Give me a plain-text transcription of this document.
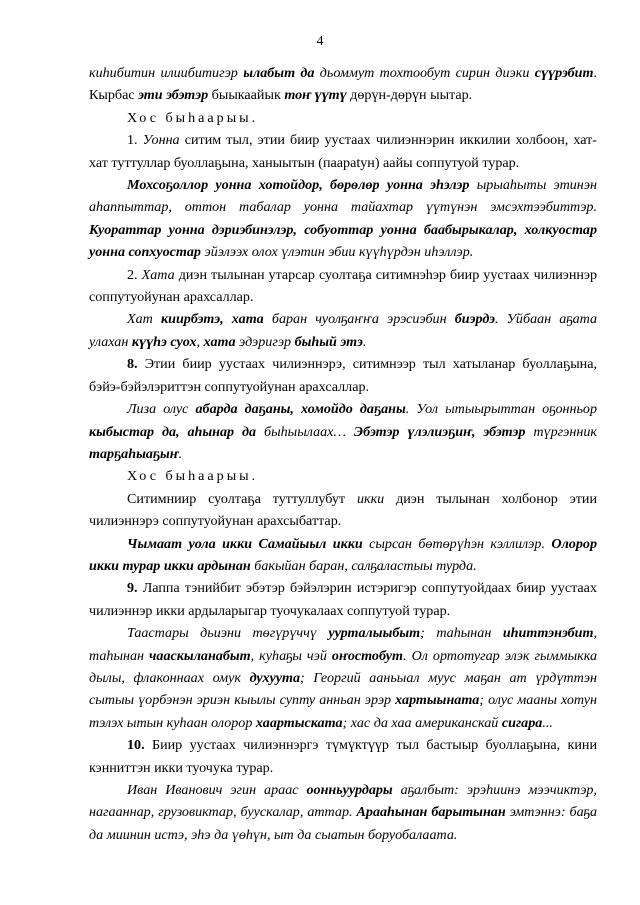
4

киһибитин илиибитигэр ылабыт да дьоммут тохтообут сирин диэки сүүрэбит. Кырбас эти эбэтэр быыкаайык тоҥ үүтү дөрүн-дөрүн ыытар.

Хос быһаарыы.

1. Уонна ситим тыл, этии биир уустаах чилиэннэрин иккилии холбоон, хат-хат туттуллар буоллаҕына, ханыытын (паарatyн) аайы соппутуой турар.

Мохсоҕоллор уонна хотойдор, бөрөлөр уонна эһэлэр ырыаһыты этинэн аһаппыттар, оттон табалар уонна тайахтар үүтүнэн эмсэхтээбиттэр. Куораттар уонна дэриэбинэлэр, собуоттар уонна баабырыкалар, холкуостар уонна сопхуостар эйэлээх олох үлэтин эбии күүһүрдэн иһэллэр.

2. Хата диэн тылынан утарсар суолтаҕа ситимнэһэр биир уустаах чилиэннэр соппутуойунан арахсаллар.

Хат киирбэтэ, хата баран чуолҕаҥҥа эрэсиэбин биэрдэ. Уйбаан аҕата улахан күүһэ суох, хата эдэригэр быһый этэ.

8. Этии биир уустаах чилиэннэрэ, ситимнээр тыл хатыланар буоллаҕына, бэйэ-бэйэлэриттэн соппутуойунан арахсаллар.

Лиза олус абарда даҕаны, хомойдо даҕаны. Уол ытыырыттан оҕонньор кыбыстар да, аһынар да быһыылаах… Эбэтэр үлэлиэҕиҥ, эбэтэр түргэнник тарҕаһыаҕыҥ.

Хос быһаарыы.

Ситимниир суолтаҕа туттуллубут икки диэн тылынан холбонор этии чилиэннэрэ соппутуойунан арахсыбаттар.

Чымаат уола икки Самайыыл икки сырсан бөтөрүһэн кэллилэр. Олорор икки турар икки ардынан бакыйан баран, салҕаластыы турда.

9. Лаппа тэнийбит эбэтэр бэйэлэрин истэригэр соппутуойдаах биир уустаах чилиэннэр икки ардыларыгар туочукалаах соппутуой турар.

Таастары дьиэни төгүрүччү уурталыыбыт; таһынан иһиттэнэбит, таһынан чааскыланабыт, куһаҕы чэй оҥостобут. Ол ортотугар элэк гыммыкка дылы, флаконнаах омук духуута; Георгий ааньыал муус маҕан ат үрдүттэн сытыы үорбэнэн эриэн кыылы супту анньан эрэр хартыыната; олус мааны хотун тэлэх ытын куһаан олорор хаартыската; хас да хаа американскай сигара...

10. Биир уустаах чилиэннэргэ түмүктүүр тыл бастыыр буоллаҕына, кини кэнниттэн икки туочука турар.

Иван Иванович эгин араас оонньуурдары аҕалбыт: эрэһиинэ мээчиктэр, нагааннар, грузовиктар, буускалар, аттар. Арааһынан барытынан эмтэннэ: баҕа да миинин истэ, эһэ да үөһүн, ыт да сыатын боруобалаата.
